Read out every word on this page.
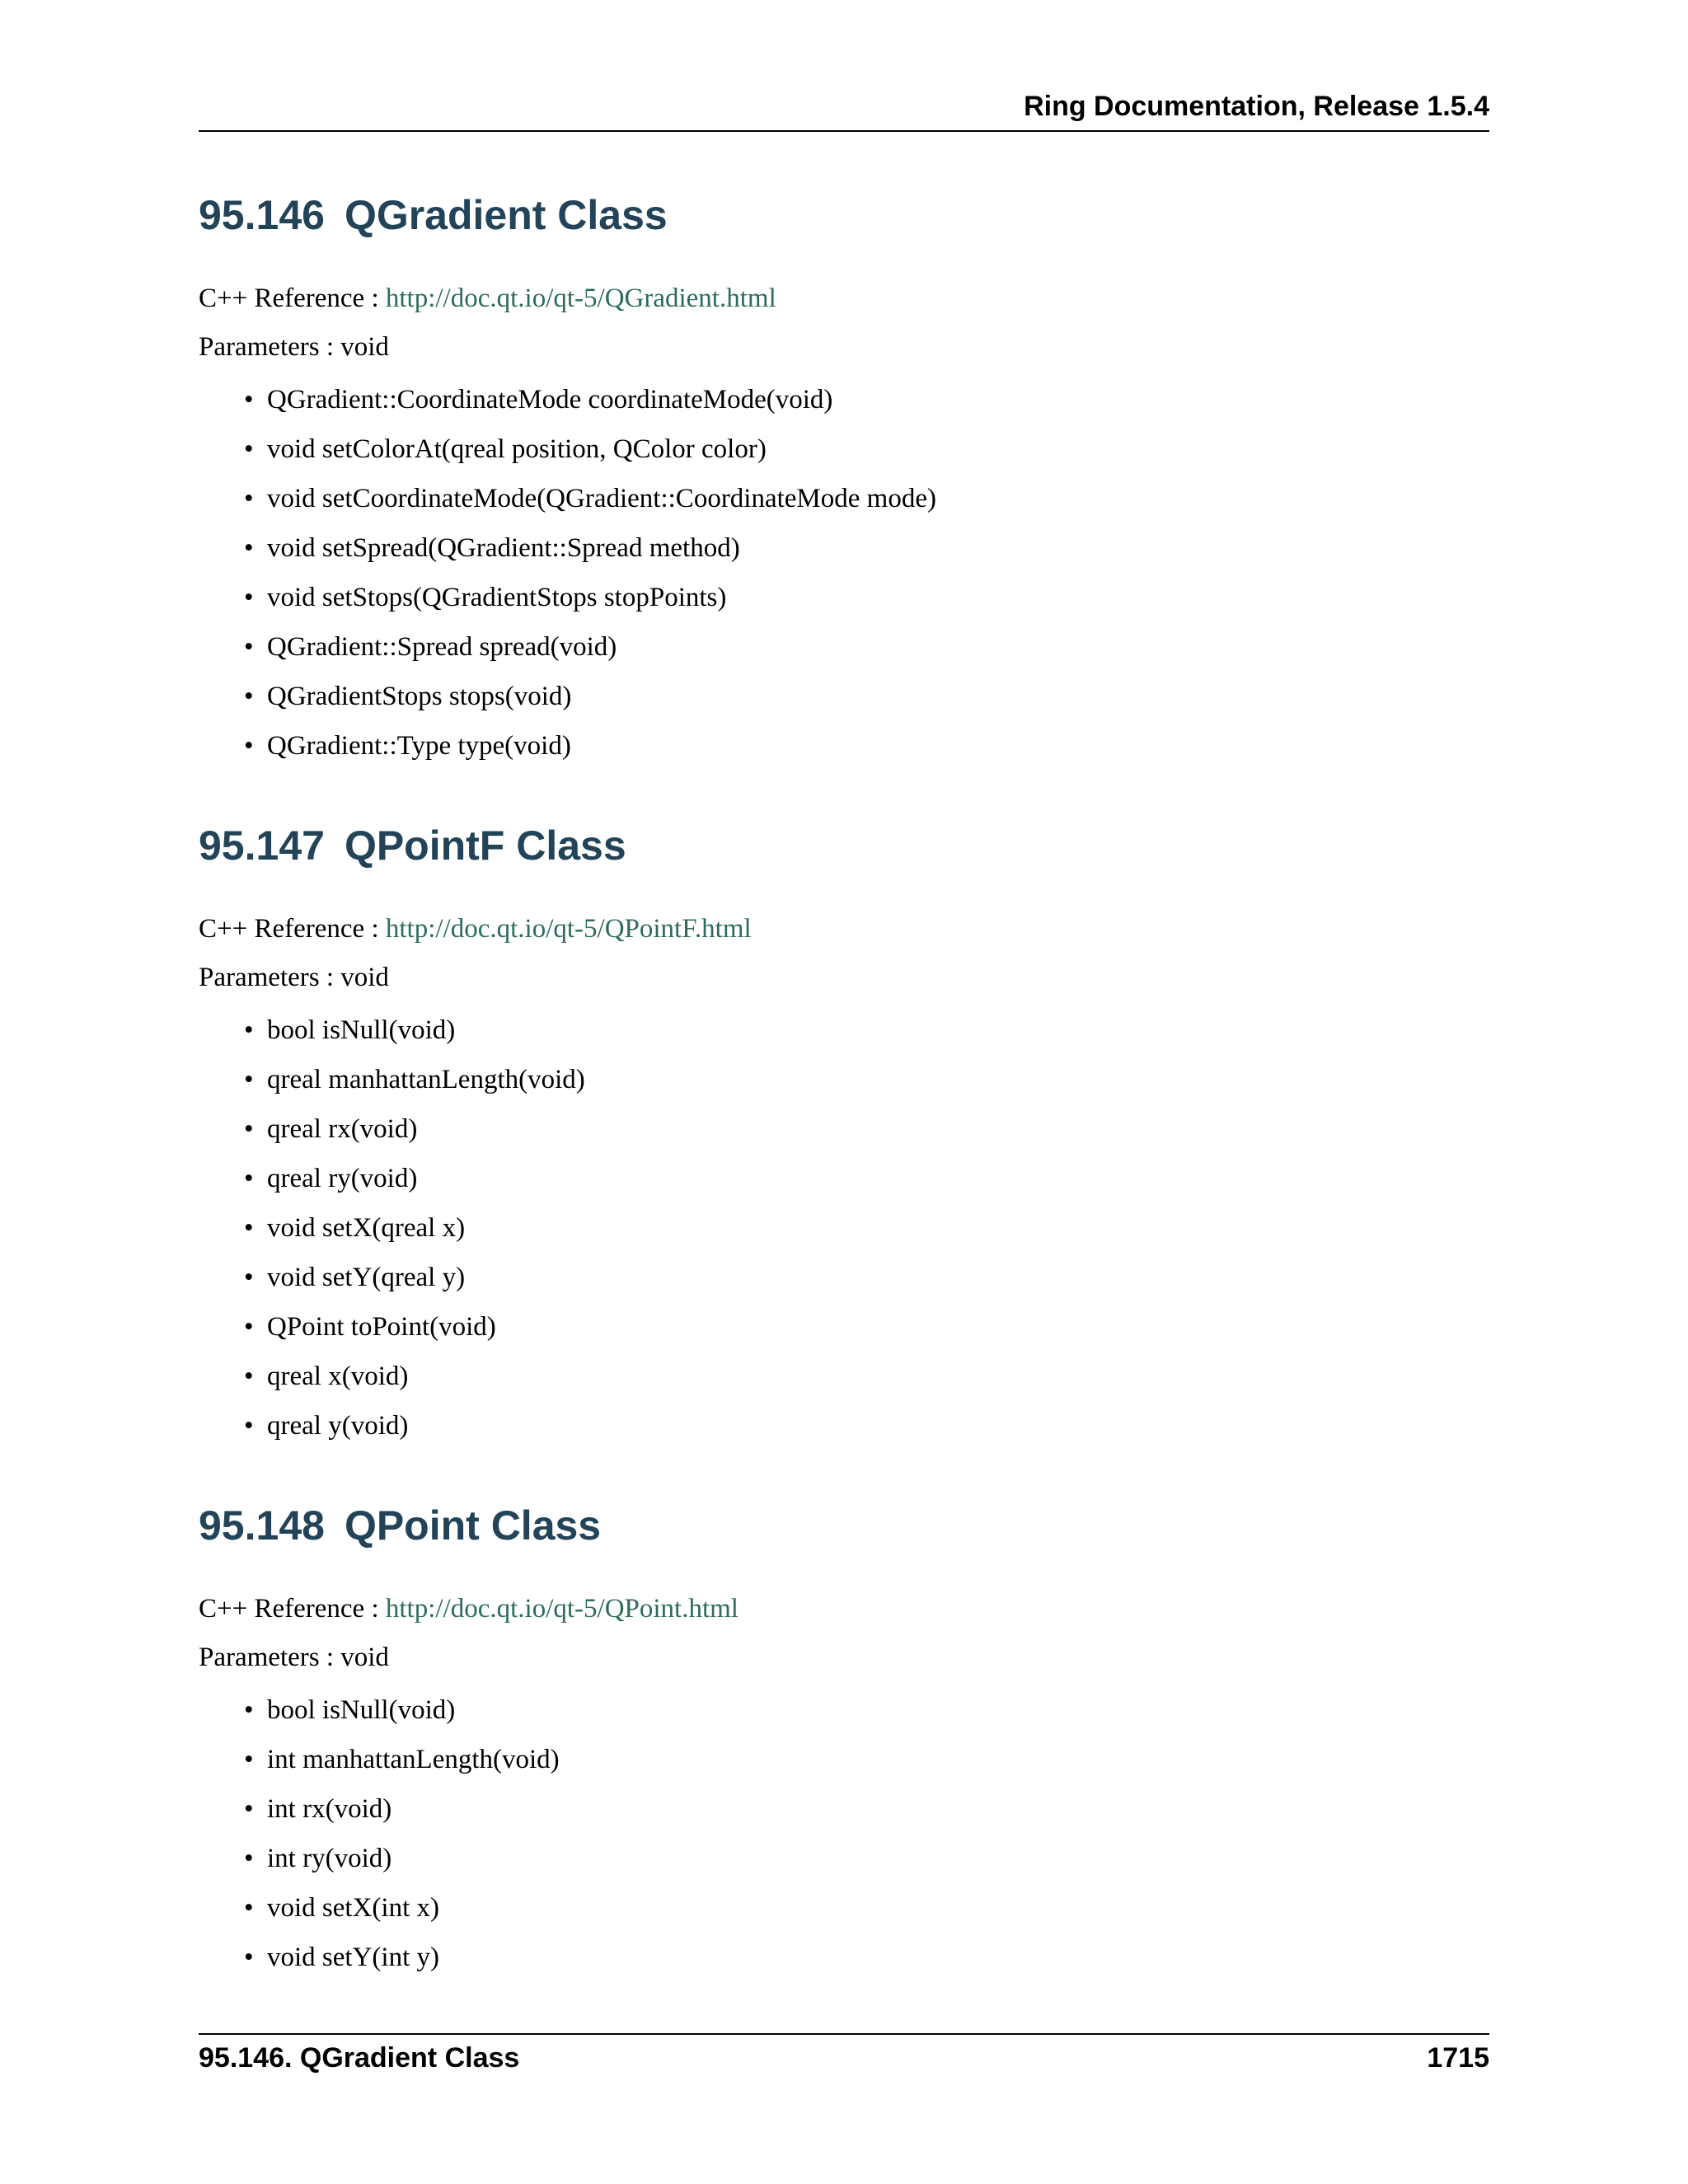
Ring Documentation, Release 1.5.4
95.146 QGradient Class

C++ Reference : http://doc.qt.io/qt-5/QGradient.html

Parameters : void

• QGradient::CoordinateMode coordinateMode(void)
• void setColorAt(qreal position, QColor color)
• void setCoordinateMode(QGradient::CoordinateMode mode)
• void setSpread(QGradient::Spread method)
• void setStops(QGradientStops stopPoints)
• QGradient::Spread spread(void)
• QGradientStops stops(void)
• QGradient::Type type(void)
95.147 QPointF Class

C++ Reference : http://doc.qt.io/qt-5/QPointF.html

Parameters : void

• bool isNull(void)
• qreal manhattanLength(void)
• qreal rx(void)
• qreal ry(void)
• void setX(qreal x)
• void setY(qreal y)
• QPoint toPoint(void)
• qreal x(void)
• qreal y(void)
95.148 QPoint Class

C++ Reference : http://doc.qt.io/qt-5/QPoint.html

Parameters : void

• bool isNull(void)
• int manhattanLength(void)
• int rx(void)
• int ry(void)
• void setX(int x)
• void setY(int y)
95.146. QGradient Class	1715
